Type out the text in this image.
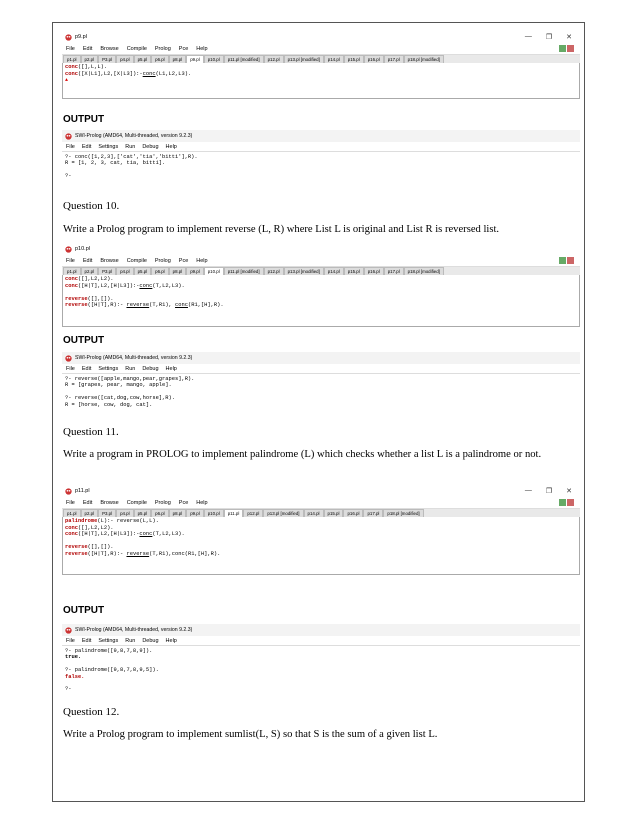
p9.pl	— ❐ ✕
File Edit Browse Compile Prolog Pce Help
p1.pl	p2.pl	P3.pl	p4.pl	p5.pl	p6.pl	p8.pl	p9.pl	p10.pl	p11.pl [modified]	p12.pl	p13.pl [modified]	p14.pl	p15.pl	p16.pl	p17.pl	p18.pl [modified]
conc([],L,L).
conc([X|L1],L2,[X|L3]):-conc(L1,L2,L3).
▲
OUTPUT
SWI-Prolog (AMD64, Multi-threaded, version 9.2.3)
File Edit Settings Run Debug Help
?- conc([1,2,3],['cat','tia','bitti'],R).
R = [1, 2, 3, cat, tia, bitti].
?-
Question 10.
Write a Prolog program to implement reverse (L, R) where List L is original and List R is reversed list.
p10.pl
File Edit Browse Compile Prolog Pce Help
p1.pl	p2.pl	P3.pl	p4.pl	p5.pl	p6.pl	p8.pl	p9.pl	p10.pl	p11.pl [modified]	p12.pl	p13.pl [modified]	p14.pl	p15.pl	p16.pl	p17.pl	p18.pl [modified]
conc([],L2,L2).
conc([H|T],L2,[H|L3]):-conc(T,L2,L3).
reverse([],[]).
reverse([H|T],R):- reverse(T,R1), conc(R1,[H],R).
OUTPUT
SWI-Prolog (AMD64, Multi-threaded, version 9.2.3)
File Edit Settings Run Debug Help
?- reverse([apple,mango,pear,grapes],R).
R = [grapes, pear, mango, apple].
?- reverse([cat,dog,cow,horse],R).
R = [horse, cow, dog, cat].
Question 11.
Write a program in PROLOG to implement palindrome (L) which checks whether a list L is a palindrome or not.
p11.pl	— ❐ ✕
File Edit Browse Compile Prolog Pce Help
p1.pl	p2.pl	P3.pl	p4.pl	p5.pl	p6.pl	p8.pl	p9.pl	p10.pl	p11.pl	p12.pl	p13.pl [modified]	p14.pl	p15.pl	p16.pl	p17.pl	p18.pl [modified]
palindrome(L):- reverse(L,L).
conc([],L2,L2).
conc([H|T],L2,[H|L3]):-conc(T,L2,L3).
reverse([],[]).
reverse([H|T],R):- reverse(T,R1),conc(R1,[H],R).
OUTPUT
SWI-Prolog (AMD64, Multi-threaded, version 9.2.3)
File Edit Settings Run Debug Help
?- palindrome([9,8,7,8,9]).
true.
?- palindrome([9,8,7,8,9,5]).
false.
?-
Question 12.
Write a Prolog program to implement sumlist(L, S) so that S is the sum of a given list L.
